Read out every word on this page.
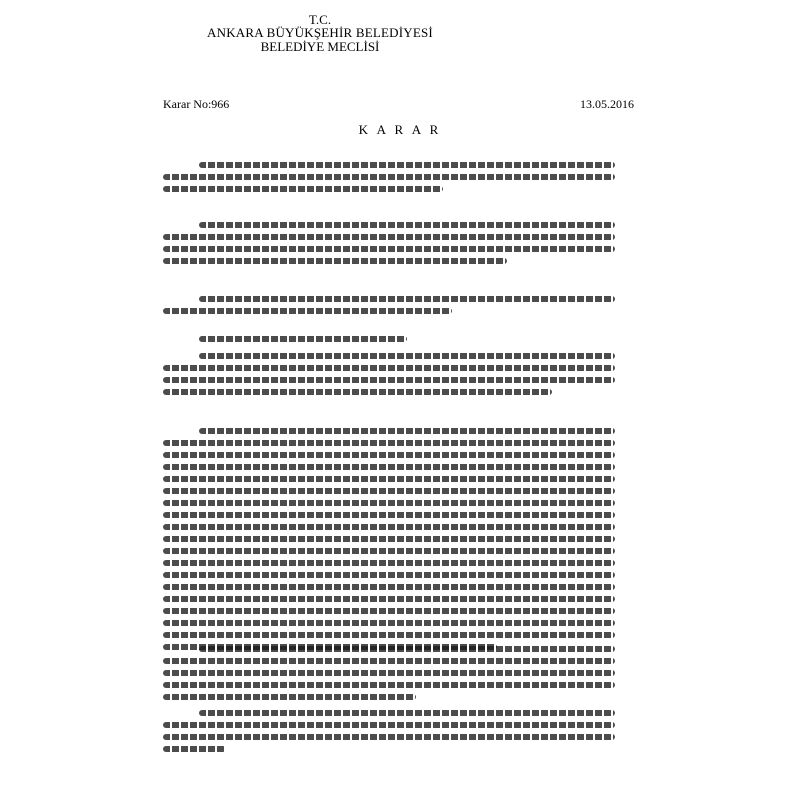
T.C.
ANKARA BÜYÜKŞEHİR BELEDİYESİ
BELEDİYE MECLİSİ
Karar No:966	13.05.2016
K A R A R
